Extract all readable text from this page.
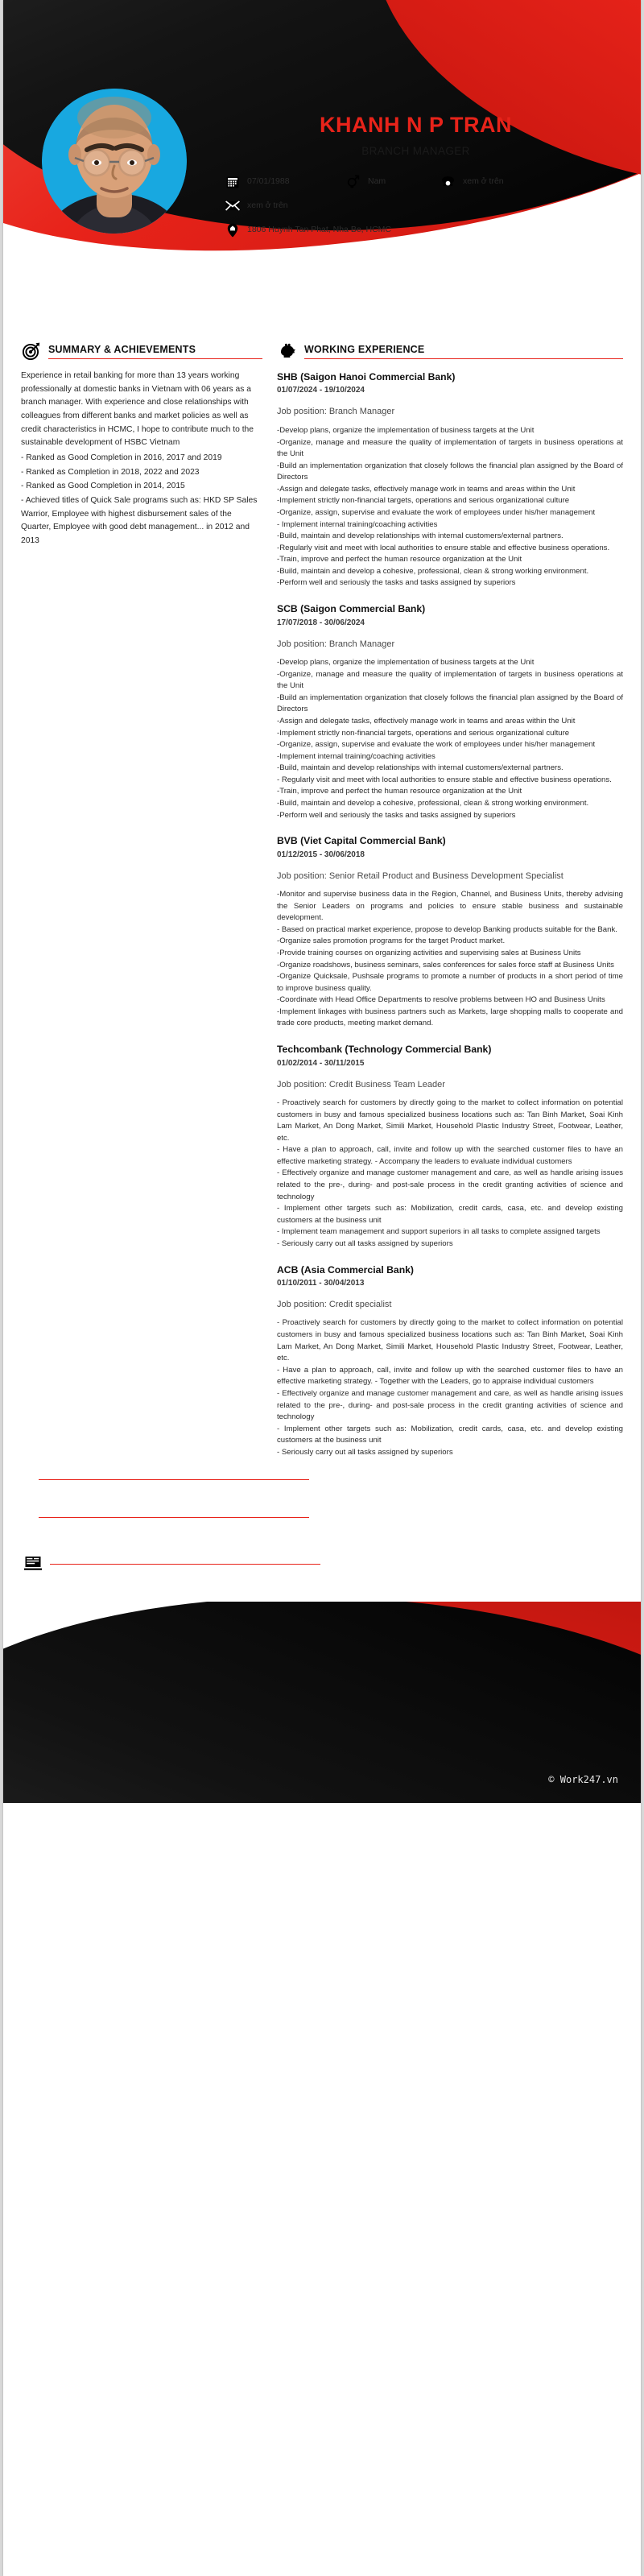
KHANH N P TRAN
BRANCH MANAGER
07/01/1988	Nam	xem ở trên
xem ở trên
1806 Huynh Tan Phat, Nha Be, HCMC
SUMMARY & ACHIEVEMENTS
Experience in retail banking for more than 13 years working professionally at domestic banks in Vietnam with 06 years as a branch manager. With experience and close relationships with colleagues from different banks and market policies as well as credit characteristics in HCMC, I hope to contribute much to the sustainable development of HSBC Vietnam
- Ranked as Good Completion in 2016, 2017 and 2019
- Ranked as Completion in 2018, 2022 and 2023
- Ranked as Good Completion in 2014, 2015
- Achieved titles of Quick Sale programs such as: HKD SP Sales Warrior, Employee with highest disbursement sales of the Quarter, Employee with good debt management... in 2012 and 2013
WORKING EXPERIENCE
SHB (Saigon Hanoi Commercial Bank)
01/07/2024 - 19/10/2024
Job position: Branch Manager
-Develop plans, organize the implementation of business targets at the Unit
-Organize, manage and measure the quality of implementation of targets in business operations at the Unit
-Build an implementation organization that closely follows the financial plan assigned by the Board of Directors
-Assign and delegate tasks, effectively manage work in teams and areas within the Unit
-Implement strictly non-financial targets, operations and serious organizational culture
-Organize, assign, supervise and evaluate the work of employees under his/her management
- Implement internal training/coaching activities
-Build, maintain and develop relationships with internal customers/external partners.
-Regularly visit and meet with local authorities to ensure stable and effective business operations.
-Train, improve and perfect the human resource organization at the Unit
-Build, maintain and develop a cohesive, professional, clean & strong working environment.
-Perform well and seriously the tasks and tasks assigned by superiors
SCB (Saigon Commercial Bank)
17/07/2018 - 30/06/2024
Job position: Branch Manager
-Develop plans, organize the implementation of business targets at the Unit
-Organize, manage and measure the quality of implementation of targets in business operations at the Unit
-Build an implementation organization that closely follows the financial plan assigned by the Board of Directors
-Assign and delegate tasks, effectively manage work in teams and areas within the Unit
-Implement strictly non-financial targets, operations and serious organizational culture
-Organize, assign, supervise and evaluate the work of employees under his/her management
-Implement internal training/coaching activities
-Build, maintain and develop relationships with internal customers/external partners.
- Regularly visit and meet with local authorities to ensure stable and effective business operations.
-Train, improve and perfect the human resource organization at the Unit
-Build, maintain and develop a cohesive, professional, clean & strong working environment.
-Perform well and seriously the tasks and tasks assigned by superiors
BVB (Viet Capital Commercial Bank)
01/12/2015 - 30/06/2018
Job position: Senior Retail Product and Business Development Specialist
-Monitor and supervise business data in the Region, Channel, and Business Units, thereby advising the Senior Leaders on programs and policies to ensure stable business and sustainable development.
- Based on practical market experience, propose to develop Banking products suitable for the Bank.
-Organize sales promotion programs for the target Product market.
-Provide training courses on organizing activities and supervising sales at Business Units
-Organize roadshows, business seminars, sales conferences for sales force staff at Business Units
-Organize Quicksale, Pushsale programs to promote a number of products in a short period of time to improve business quality.
-Coordinate with Head Office Departments to resolve problems between HO and Business Units
-Implement linkages with business partners such as Markets, large shopping malls to cooperate and trade core products, meeting market demand.
Techcombank (Technology Commercial Bank)
01/02/2014 - 30/11/2015
Job position: Credit Business Team Leader
- Proactively search for customers by directly going to the market to collect information on potential customers in busy and famous specialized business locations such as: Tan Binh Market, Soai Kinh Lam Market, An Dong Market, Simili Market, Household Plastic Industry Street, Footwear, Leather, etc.
- Have a plan to approach, call, invite and follow up with the searched customer files to have an effective marketing strategy. - Accompany the leaders to evaluate individual customers
- Effectively organize and manage customer management and care, as well as handle arising issues related to the pre-, during- and post-sale process in the credit granting activities of science and technology
- Implement other targets such as: Mobilization, credit cards, casa, etc. and develop existing customers at the business unit
- Implement team management and support superiors in all tasks to complete assigned targets
- Seriously carry out all tasks assigned by superiors
ACB (Asia Commercial Bank)
01/10/2011 - 30/04/2013
Job position: Credit specialist
- Proactively search for customers by directly going to the market to collect information on potential customers in busy and famous specialized business locations such as: Tan Binh Market, Soai Kinh Lam Market, An Dong Market, Simili Market, Household Plastic Industry Street, Footwear, Leather, etc.
- Have a plan to approach, call, invite and follow up with the searched customer files to have an effective marketing strategy. - Together with the Leaders, go to appraise individual customers
- Effectively organize and manage customer management and care, as well as handle arising issues related to the pre-, during- and post-sale process in the credit granting activities of science and technology
- Implement other targets such as: Mobilization, credit cards, casa, etc. and develop existing customers at the business unit
- Seriously carry out all tasks assigned by superiors
© Work247.vn
